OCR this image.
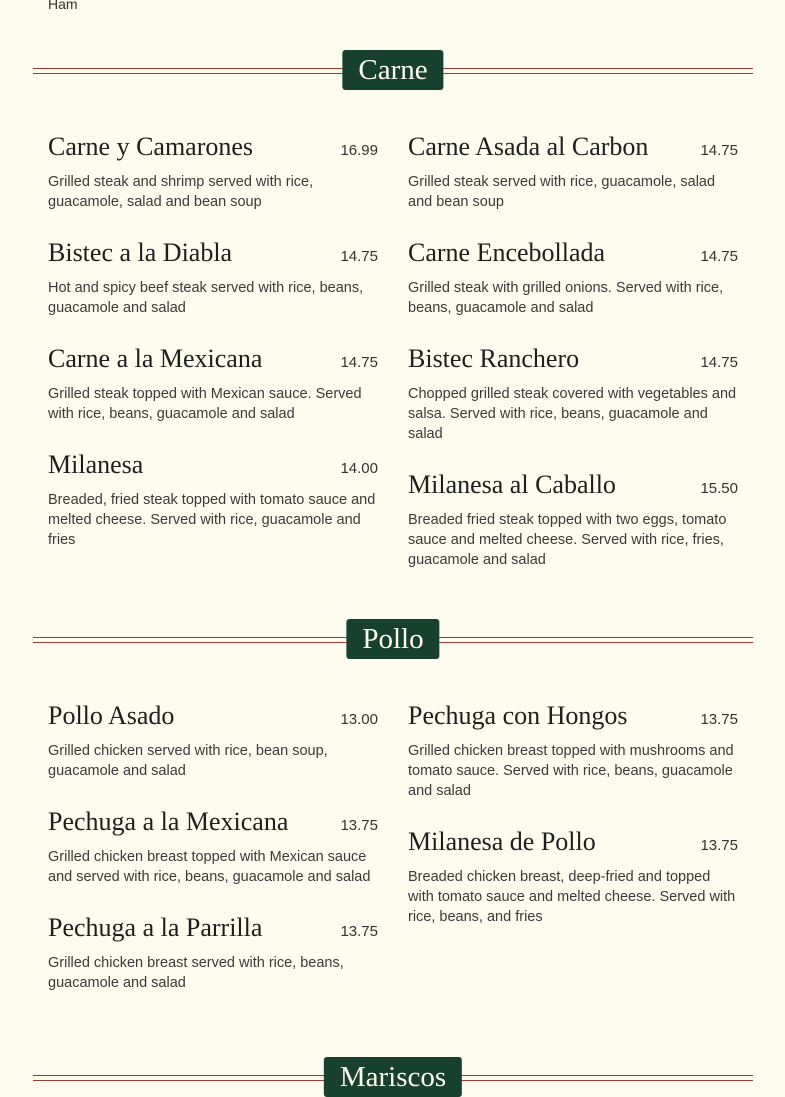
Ham
Carne
Carne y Camarones	16.99
Grilled steak and shrimp served with rice, guacamole, salad and bean soup
Bistec a la Diabla	14.75
Hot and spicy beef steak served with rice, beans, guacamole and salad
Carne a la Mexicana	14.75
Grilled steak topped with Mexican sauce. Served with rice, beans, guacamole and salad
Milanesa	14.00
Breaded, fried steak topped with tomato sauce and melted cheese. Served with rice, guacamole and fries
Carne Asada al Carbon	14.75
Grilled steak served with rice, guacamole, salad and bean soup
Carne Encebollada	14.75
Grilled steak with grilled onions. Served with rice, beans, guacamole and salad
Bistec Ranchero	14.75
Chopped grilled steak covered with vegetables and salsa. Served with rice, beans, guacamole and salad
Milanesa al Caballo	15.50
Breaded fried steak topped with two eggs, tomato sauce and melted cheese. Served with rice, fries, guacamole and salad
Pollo
Pollo Asado	13.00
Grilled chicken served with rice, bean soup, guacamole and salad
Pechuga a la Mexicana	13.75
Grilled chicken breast topped with Mexican sauce and served with rice, beans, guacamole and salad
Pechuga a la Parrilla	13.75
Grilled chicken breast served with rice, beans, guacamole and salad
Pechuga con Hongos	13.75
Grilled chicken breast topped with mushrooms and tomato sauce. Served with rice, beans, guacamole and salad
Milanesa de Pollo	13.75
Breaded chicken breast, deep-fried and topped with tomato sauce and melted cheese. Served with rice, beans, and fries
Mariscos
